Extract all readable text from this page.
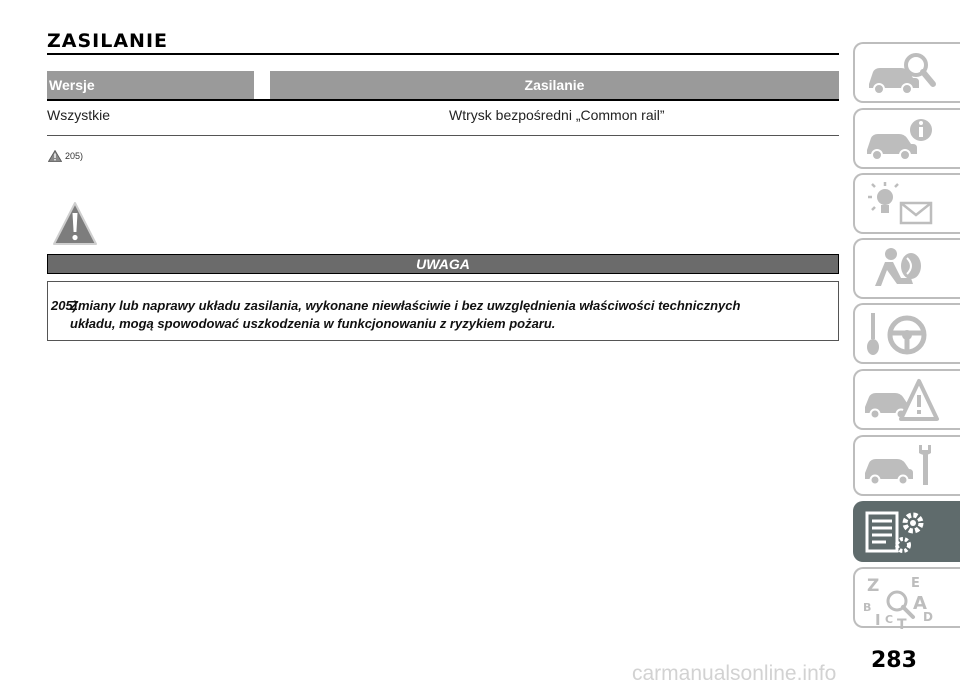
ZASILANIE
Wersje	Zasilanie
Wszystkie	Wtrysk bezpośredni „Common rail”
205)
UWAGA
205)Zmiany lub naprawy układu zasilania, wykonane niewłaściwie i bez uwzględnienia właściwości technicznych
układu, mogą spowodować uszkodzenia w funkcjonowaniu z ryzykiem pożaru.
Z E
B A
I C T D
283
carmanualsonline.info
